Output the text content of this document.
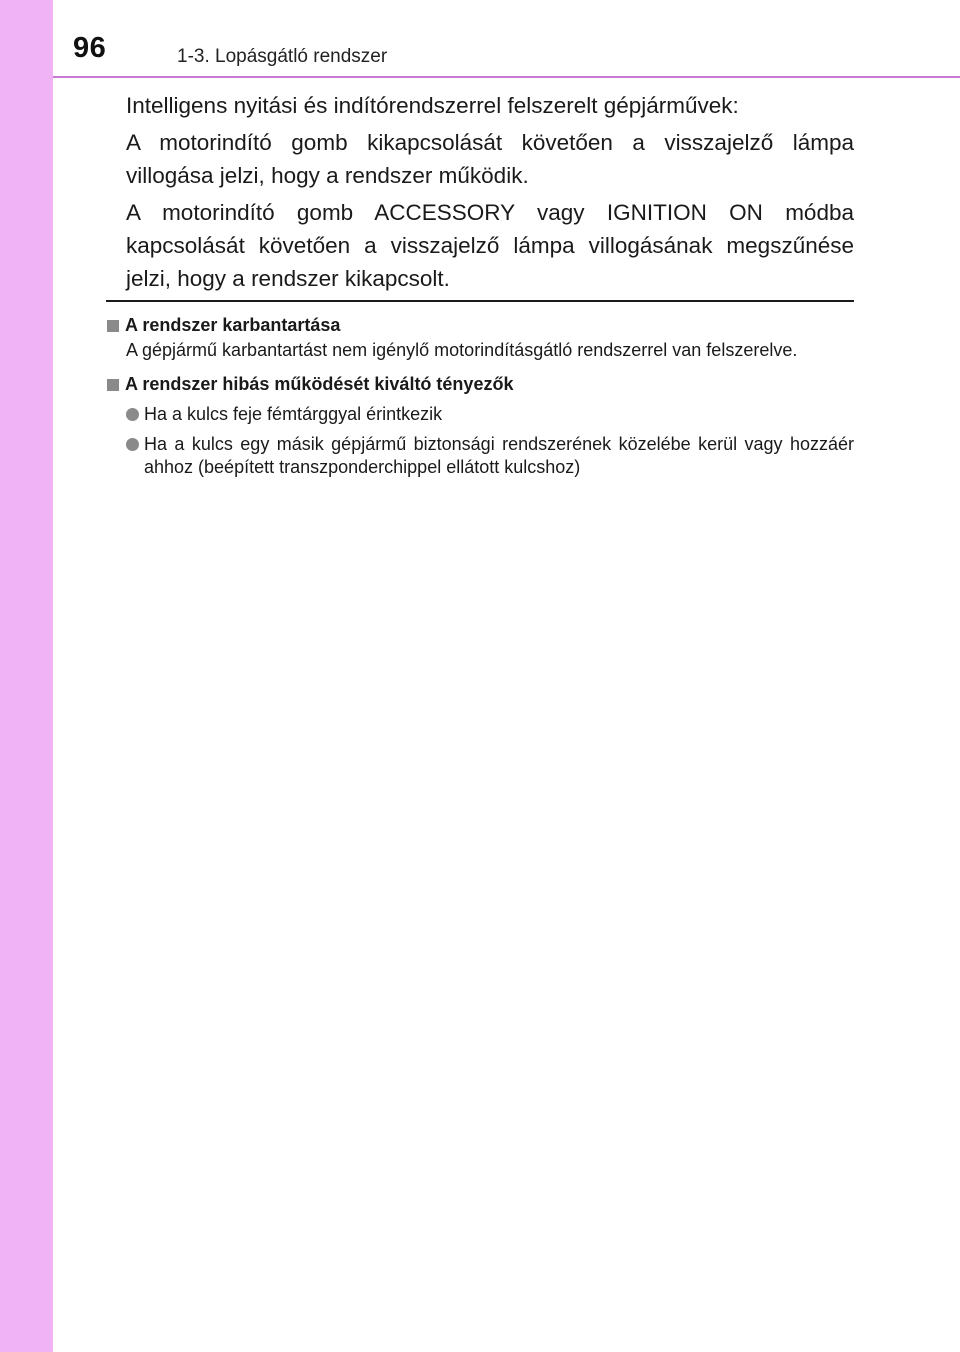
96	1-3. Lopásgátló rendszer

Intelligens nyitási és indítórendszerrel felszerelt gépjárművek:

A motorindító gomb kikapcsolását követően a visszajelző lámpa villogása jelzi, hogy a rendszer működik.

A motorindító gomb ACCESSORY vagy IGNITION ON módba kapcsolását követően a visszajelző lámpa villogásának megszűnése jelzi, hogy a rendszer kikapcsolt.

A rendszer karbantartása

A gépjármű karbantartást nem igénylő motorindításgátló rendszerrel van felszerelve.

A rendszer hibás működését kiváltó tényezők
Ha a kulcs feje fémtárggyal érintkezik
Ha a kulcs egy másik gépjármű biztonsági rendszerének közelébe kerül vagy hozzáér ahhoz (beépített transzponderchippel ellátott kulcshoz)
